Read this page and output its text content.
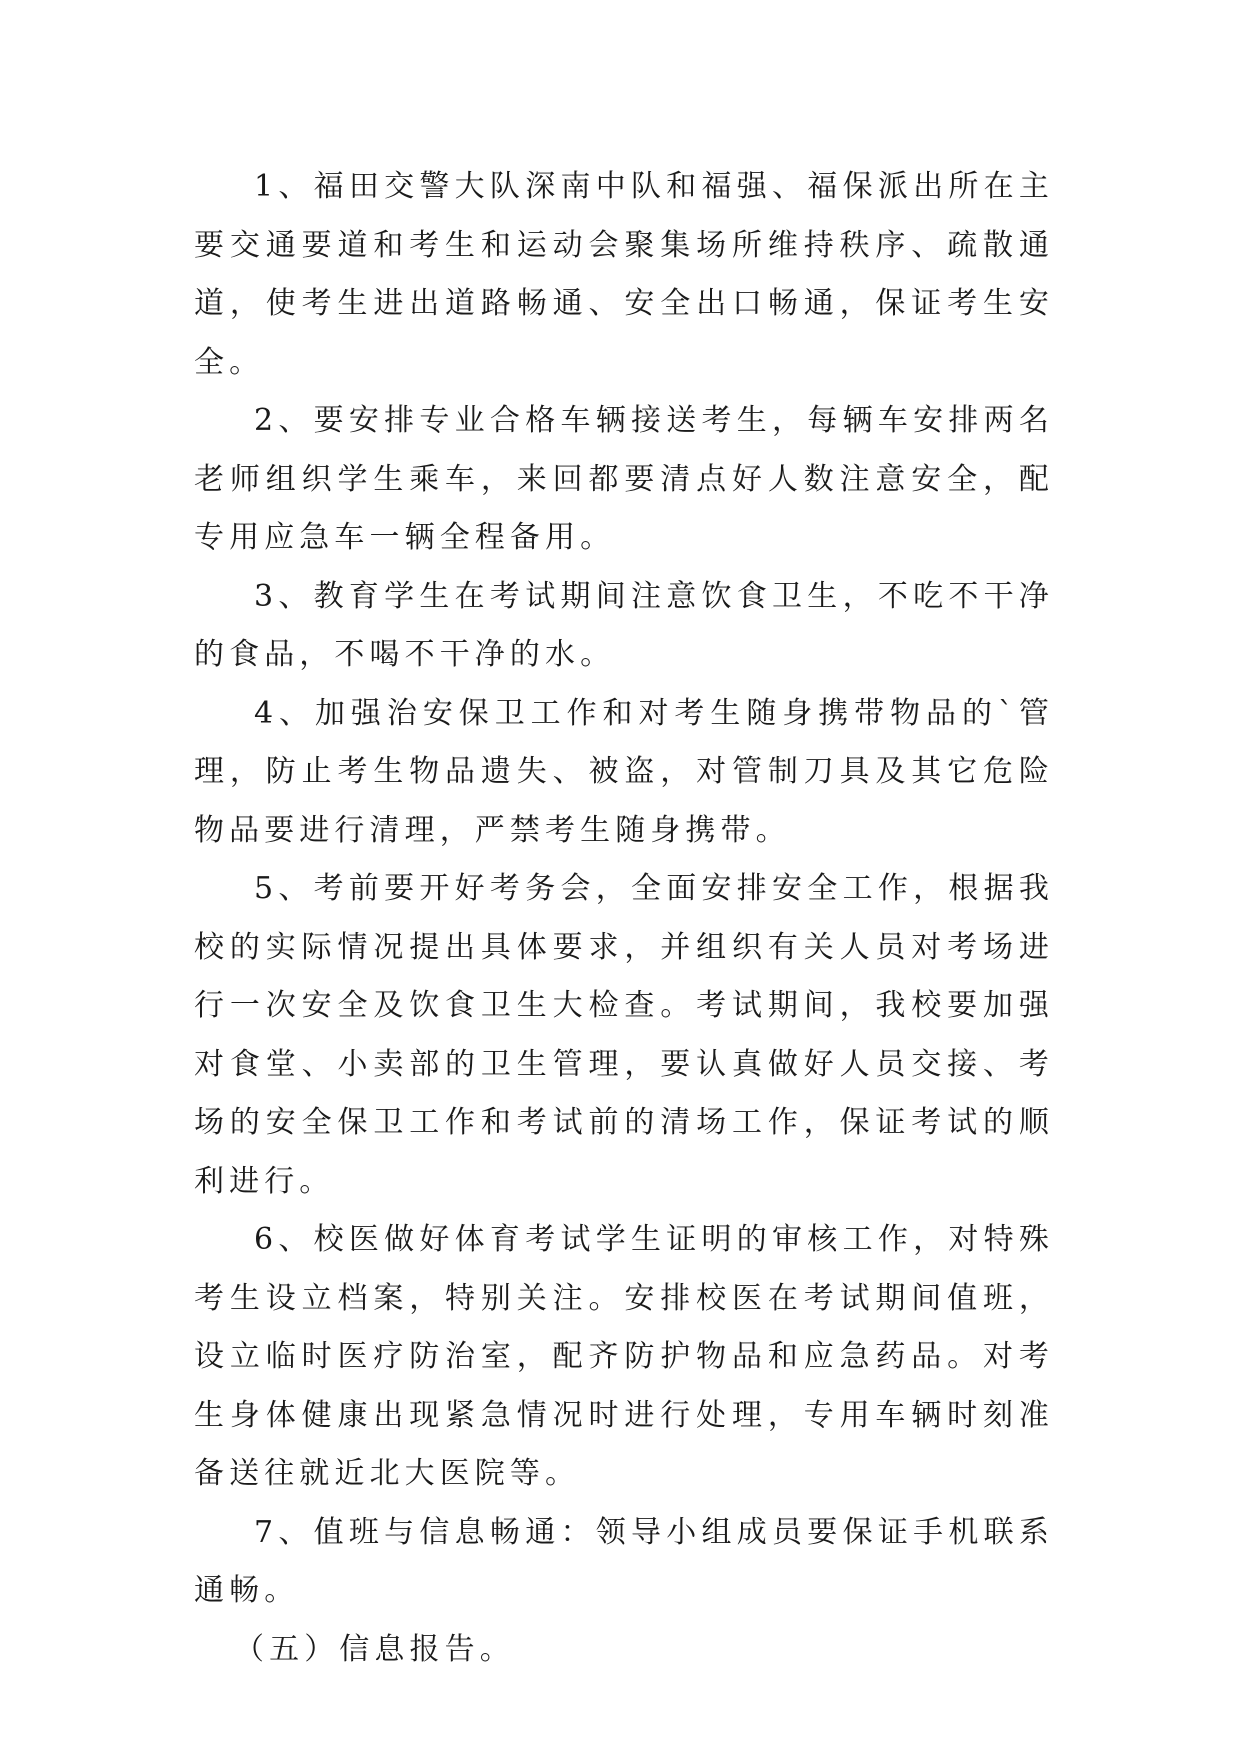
1、福田交警大队深南中队和福强、福保派出所在主要交通要道和考生和运动会聚集场所维持秩序、疏散通道，使考生进出道路畅通、安全出口畅通，保证考生安全。

2、要安排专业合格车辆接送考生，每辆车安排两名老师组织学生乘车，来回都要清点好人数注意安全，配专用应急车一辆全程备用。

3、教育学生在考试期间注意饮食卫生，不吃不干净的食品，不喝不干净的水。

4、加强治安保卫工作和对考生随身携带物品的`管理，防止考生物品遗失、被盗，对管制刀具及其它危险物品要进行清理，严禁考生随身携带。

5、考前要开好考务会，全面安排安全工作，根据我校的实际情况提出具体要求，并组织有关人员对考场进行一次安全及饮食卫生大检查。考试期间，我校要加强对食堂、小卖部的卫生管理，要认真做好人员交接、考场的安全保卫工作和考试前的清场工作，保证考试的顺利进行。

6、校医做好体育考试学生证明的审核工作，对特殊考生设立档案，特别关注。安排校医在考试期间值班，设立临时医疗防治室，配齐防护物品和应急药品。对考生身体健康出现紧急情况时进行处理，专用车辆时刻准备送往就近北大医院等。

7、值班与信息畅通：领导小组成员要保证手机联系通畅。

（五）信息报告。
